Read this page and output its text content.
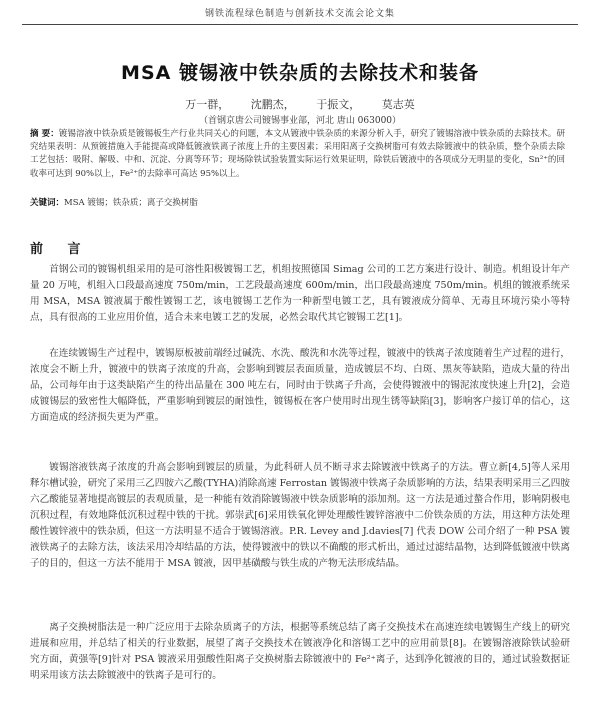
钢铁流程绿色制造与创新技术交流会论文集
MSA 镀锡液中铁杂质的去除技术和装备
万一群， 沈鹏杰， 于振文， 莫志英
（首钢京唐公司镀锡事业部，河北 唐山 063000）
摘 要：镀锡溶液中铁杂质是镀锡板生产行业共同关心的问题，本文从镀液中铁杂质的来源分析入手，研究了镀锡溶液中铁杂质的去除技术。研究结果表明：从预镀措施入手能提高或降低镀液铁离子浓度上升的主要因素；采用阳离子交换树脂可有效去除镀液中的铁杂质，整个杂质去除工艺包括：吸附、解吸、中和、沉淀、分离等环节；现场除铁试验装置实际运行效果证明，除铁后镀液中的各项成分无明显的变化，Sn²⁺的回收率可达到 90%以上，Fe²⁺的去除率可高达 95%以上。
关键词：MSA 镀锡；铁杂质；离子交换树脂
前 言

首钢公司的镀锡机组采用的是可溶性阳极镀锡工艺，机组按照德国 Simag 公司的工艺方案进行设计、制造。机组设计年产量 20 万吨，机组入口段最高速度 750m/min，工艺段最高速度 600m/min，出口段最高速度 750m/min。机组的镀液系统采用 MSA，MSA 镀液属于酸性镀锡工艺，该电镀锡工艺作为一种新型电镀工艺，具有镀液成分简单、无毒且环境污染小等特点，具有很高的工业应用价值，适合未来电镀工艺的发展，必然会取代其它镀锡工艺[1]。

在连续镀锡生产过程中，镀锡原板被前端经过碱洗、水洗、酸洗和水洗等过程，镀液中的铁离子浓度随着生产过程的进行，浓度会不断上升，镀液中的铁离子浓度的升高，会影响到镀层表面质量，造成镀层不均、白斑、黑灰等缺陷，造成大量的待出品，公司每年由于这类缺陷产生的待出品量在 300 吨左右，同时由于铁离子升高，会使得镀液中的锡泥浓度快速上升[2]，会造成镀锡层的致密性大幅降低，严重影响到镀层的耐蚀性，镀锡板在客户使用时出现生锈等缺陷[3]，影响客户接订单的信心，这方面造成的经济损失更为严重。

镀锡溶液铁离子浓度的升高会影响到镀层的质量，为此科研人员不断寻求去除镀液中铁离子的方法。曹立新[4,5]等人采用释尔槽试验，研究了采用三乙四胺六乙酸(TYHA)消除高速 Ferrostan 镀锡液中铁离子杂质影响的方法，结果表明采用三乙四胺六乙酸能显著地提高镀层的表观质量，是一种能有效消除镀锡液中铁杂质影响的添加剂。这一方法是通过螯合作用，影响阴极电沉积过程，有效地降低沉积过程中铁的干扰。郭崇武[6]采用铁氧化钾处理酸性镀锌溶液中二价铁杂质的方法，用这种方法处理酸性镀锌液中的铁杂质，但这一方法明显不适合于镀锡溶液。P.R. Levey and J.davies[7] 代表 DOW 公司介绍了一种 PSA 镀液铁离子的去除方法，该法采用冷却结晶的方法，使得镀液中的铁以不确酸的形式析出，通过过滤结晶物，达到降低镀液中铁离子的目的，但这一方法不能用于 MSA 镀液，因甲基磺酸与铁生成的产物无法形成结晶。

离子交换树脂法是一种广泛应用于去除杂质离子的方法，根据等系统总结了离子交换技术在高速连续电镀锡生产线上的研究进展和应用，并总结了相关的行业数据，展望了离子交换技术在镀液净化和溶锡工艺中的应用前景[8]。在镀锡溶液除铁试验研究方面，黄强等[9]针对 PSA 镀液采用强酸性阳离子交换树脂去除镀液中的 Fe²⁺离子，达到净化镀液的目的，通过试验数据证明采用该方法去除镀液中的铁离子是可行的。
